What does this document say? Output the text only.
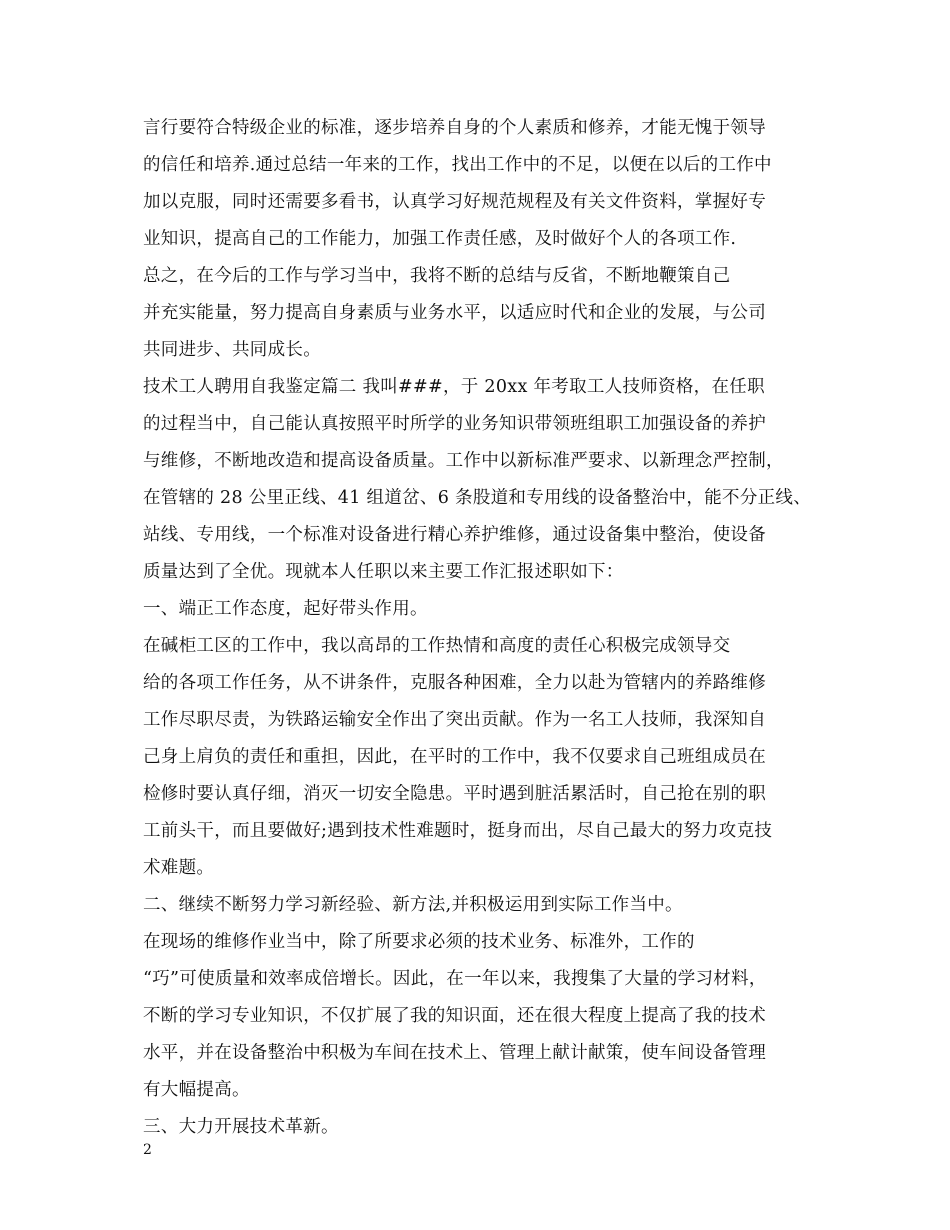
言行要符合特级企业的标准，逐步培养自身的个人素质和修养，才能无愧于领导
的信任和培养.通过总结一年来的工作，找出工作中的不足，以便在以后的工作中
加以克服，同时还需要多看书，认真学习好规范规程及有关文件资料，掌握好专
业知识，提高自己的工作能力，加强工作责任感，及时做好个人的各项工作.
总之，在今后的工作与学习当中，我将不断的总结与反省，不断地鞭策自己
并充实能量，努力提高自身素质与业务水平，以适应时代和企业的发展，与公司
共同进步、共同成长。
技术工人聘用自我鉴定篇二 我叫###，于 20xx 年考取工人技师资格，在任职
的过程当中，自己能认真按照平时所学的业务知识带领班组职工加强设备的养护
与维修，不断地改造和提高设备质量。工作中以新标准严要求、以新理念严控制，
在管辖的 28 公里正线、41 组道岔、6 条股道和专用线的设备整治中，能不分正线、
站线、专用线，一个标准对设备进行精心养护维修，通过设备集中整治，使设备
质量达到了全优。现就本人任职以来主要工作汇报述职如下：
一、端正工作态度，起好带头作用。
在碱柜工区的工作中，我以高昂的工作热情和高度的责任心积极完成领导交
给的各项工作任务，从不讲条件，克服各种困难，全力以赴为管辖内的养路维修
工作尽职尽责，为铁路运输安全作出了突出贡献。作为一名工人技师，我深知自
己身上肩负的责任和重担，因此，在平时的工作中，我不仅要求自己班组成员在
检修时要认真仔细，消灭一切安全隐患。平时遇到脏活累活时，自己抢在别的职
工前头干，而且要做好;遇到技术性难题时，挺身而出，尽自己最大的努力攻克技
术难题。
二、继续不断努力学习新经验、新方法,并积极运用到实际工作当中。
在现场的维修作业当中，除了所要求必须的技术业务、标准外，工作的
“巧”可使质量和效率成倍增长。因此，在一年以来，我搜集了大量的学习材料，
不断的学习专业知识，不仅扩展了我的知识面，还在很大程度上提高了我的技术
水平，并在设备整治中积极为车间在技术上、管理上献计献策，使车间设备管理
有大幅提高。
三、大力开展技术革新。
2
